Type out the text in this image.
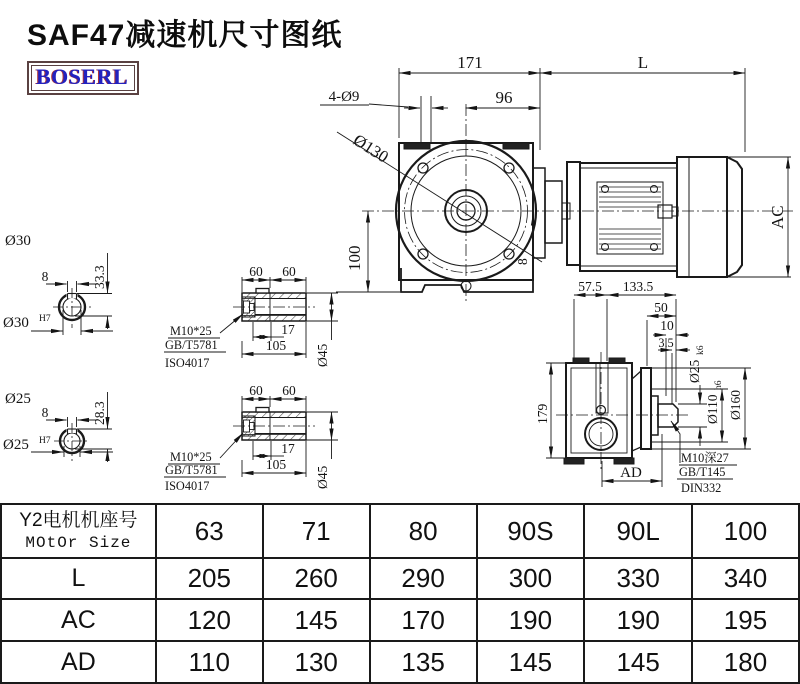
SAF47减速机尺寸图纸
BOSERL
171	L
96
4-Ø9
Ø130
100	8
AC
57.5 133.5
50
10
3.5
Ø25
k6
Ø110
h6
Ø160
179
AD
M10深27
GB/T145
DIN332
Ø30
8	33.3
Ø30 H7
Ø25
8	28.3
Ø25 H7
60 60
17
105 Ø45
M10*25
GB/T5781
ISO4017
60 60
17
105
Ø45
M10*25
GB/T5781
ISO4017
Y2电机机座号
MOtOr Size	63	71	80	90S	90L	100
L	205	260	290	300	330	340
AC	120	145	170	190	190	195
AD	110	130	135	145	145	180
